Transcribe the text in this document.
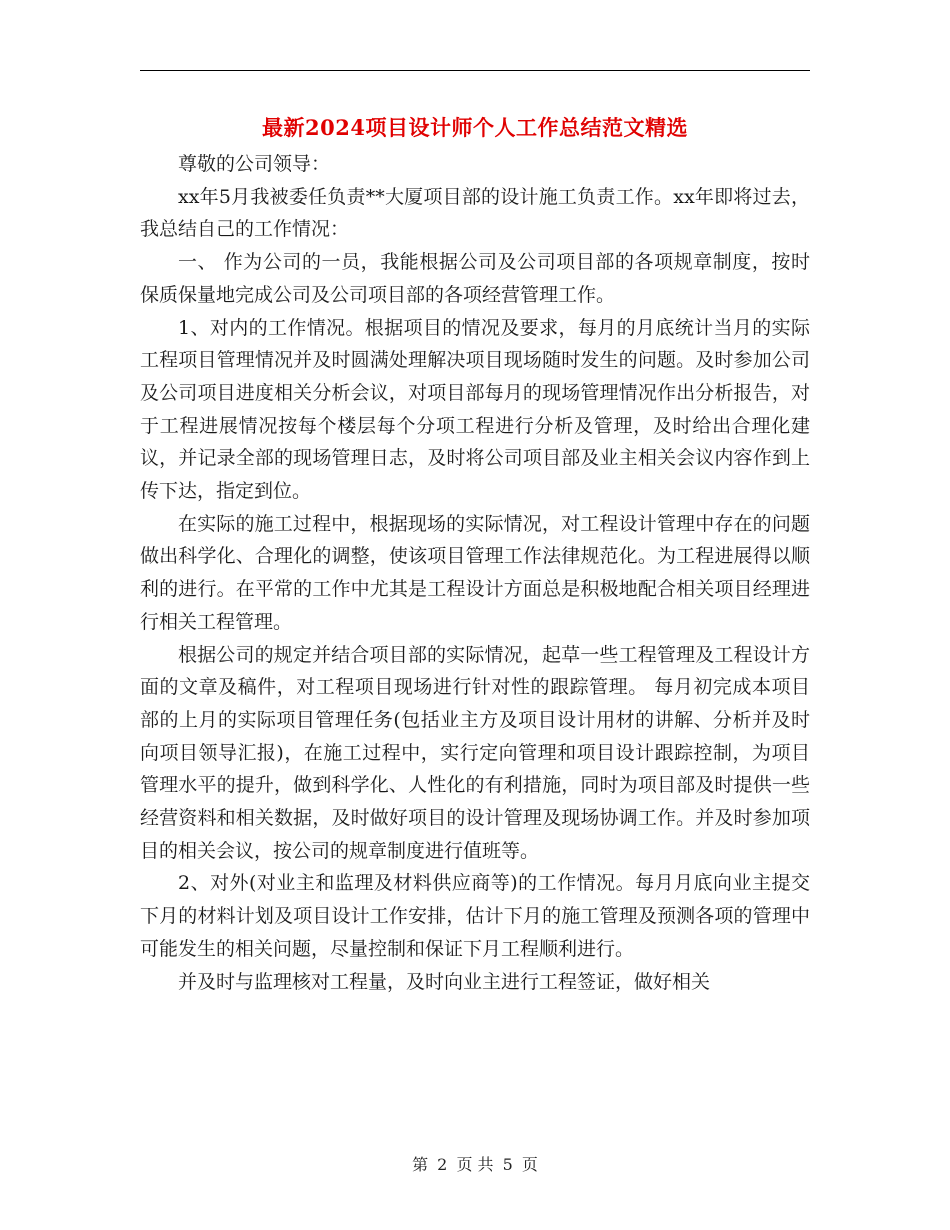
最新2024项目设计师个人工作总结范文精选

尊敬的公司领导：

xx年5月我被委任负责**大厦项目部的设计施工负责工作。xx年即将过去，我总结自己的工作情况：

一、 作为公司的一员，我能根据公司及公司项目部的各项规章制度，按时保质保量地完成公司及公司项目部的各项经营管理工作。

1、对内的工作情况。根据项目的情况及要求，每月的月底统计当月的实际工程项目管理情况并及时圆满处理解决项目现场随时发生的问题。及时参加公司及公司项目进度相关分析会议，对项目部每月的现场管理情况作出分析报告，对于工程进展情况按每个楼层每个分项工程进行分析及管理，及时给出合理化建议，并记录全部的现场管理日志，及时将公司项目部及业主相关会议内容作到上传下达，指定到位。

在实际的施工过程中，根据现场的实际情况，对工程设计管理中存在的问题做出科学化、合理化的调整，使该项目管理工作法律规范化。为工程进展得以顺利的进行。在平常的工作中尤其是工程设计方面总是积极地配合相关项目经理进行相关工程管理。

根据公司的规定并结合项目部的实际情况，起草一些工程管理及工程设计方面的文章及稿件，对工程项目现场进行针对性的跟踪管理。 每月初完成本项目部的上月的实际项目管理任务(包括业主方及项目设计用材的讲解、分析并及时向项目领导汇报)，在施工过程中，实行定向管理和项目设计跟踪控制，为项目管理水平的提升，做到科学化、人性化的有利措施，同时为项目部及时提供一些经营资料和相关数据，及时做好项目的设计管理及现场协调工作。并及时参加项目的相关会议，按公司的规章制度进行值班等。

2、对外(对业主和监理及材料供应商等)的工作情况。每月月底向业主提交下月的材料计划及项目设计工作安排，估计下月的施工管理及预测各项的管理中可能发生的相关问题，尽量控制和保证下月工程顺利进行。

并及时与监理核对工程量，及时向业主进行工程签证，做好相关

第 2 页 共 5 页
